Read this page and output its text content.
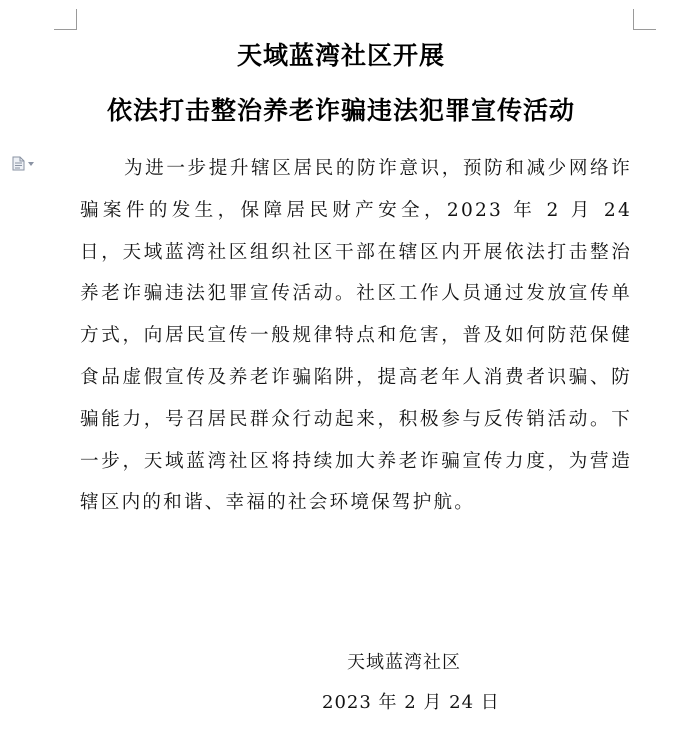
天域蓝湾社区开展
依法打击整治养老诈骗违法犯罪宣传活动

为进一步提升辖区居民的防诈意识，预防和减少网络诈骗案件的发生，保障居民财产安全，2023 年 2 月 24 日，天域蓝湾社区组织社区干部在辖区内开展依法打击整治养老诈骗违法犯罪宣传活动。社区工作人员通过发放宣传单方式，向居民宣传一般规律特点和危害，普及如何防范保健食品虚假宣传及养老诈骗陷阱，提高老年人消费者识骗、防骗能力，号召居民群众行动起来，积极参与反传销活动。下一步，天域蓝湾社区将持续加大养老诈骗宣传力度，为营造辖区内的和谐、幸福的社会环境保驾护航。

天域蓝湾社区
2023 年 2 月 24 日
